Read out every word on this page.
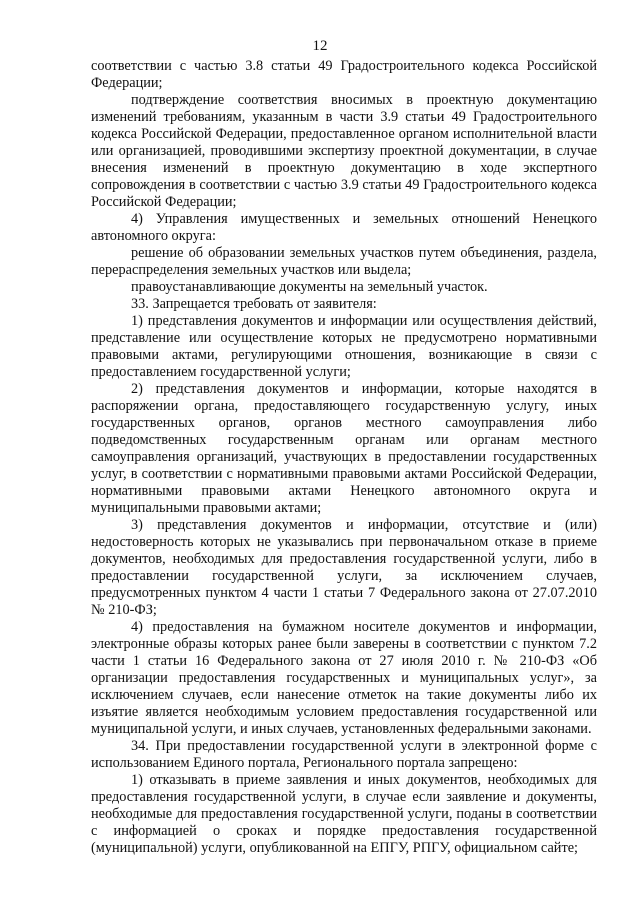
12

соответствии с частью 3.8 статьи 49 Градостроительного кодекса Российской Федерации;

подтверждение соответствия вносимых в проектную документацию изменений требованиям, указанным в части 3.9 статьи 49 Градостроительного кодекса Российской Федерации, предоставленное органом исполнительной власти или организацией, проводившими экспертизу проектной документации, в случае внесения изменений в проектную документацию в ходе экспертного сопровождения в соответствии с частью 3.9 статьи 49 Градостроительного кодекса Российской Федерации;

4) Управления имущественных и земельных отношений Ненецкого автономного округа:

решение об образовании земельных участков путем объединения, раздела, перераспределения земельных участков или выдела;

правоустанавливающие документы на земельный участок.

33. Запрещается требовать от заявителя:

1) представления документов и информации или осуществления действий, представление или осуществление которых не предусмотрено нормативными правовыми актами, регулирующими отношения, возникающие в связи с предоставлением государственной услуги;

2) представления документов и информации, которые находятся в распоряжении органа, предоставляющего государственную услугу, иных государственных органов, органов местного самоуправления либо подведомственных государственным органам или органам местного самоуправления организаций, участвующих в предоставлении государственных услуг, в соответствии с нормативными правовыми актами Российской Федерации, нормативными правовыми актами Ненецкого автономного округа и муниципальными правовыми актами;

3) представления документов и информации, отсутствие и (или) недостоверность которых не указывались при первоначальном отказе в приеме документов, необходимых для предоставления государственной услуги, либо в предоставлении государственной услуги, за исключением случаев, предусмотренных пунктом 4 части 1 статьи 7 Федерального закона от 27.07.2010 № 210-ФЗ;

4) предоставления на бумажном носителе документов и информации, электронные образы которых ранее были заверены в соответствии с пунктом 7.2 части 1 статьи 16 Федерального закона от 27 июля 2010 г. № 210-ФЗ «Об организации предоставления государственных и муниципальных услуг», за исключением случаев, если нанесение отметок на такие документы либо их изъятие является необходимым условием предоставления государственной или муниципальной услуги, и иных случаев, установленных федеральными законами.

34. При предоставлении государственной услуги в электронной форме с использованием Единого портала, Регионального портала запрещено:

1) отказывать в приеме заявления и иных документов, необходимых для предоставления государственной услуги, в случае если заявление и документы, необходимые для предоставления государственной услуги, поданы в соответствии с информацией о сроках и порядке предоставления государственной (муниципальной) услуги, опубликованной на ЕПГУ, РПГУ, официальном сайте;
